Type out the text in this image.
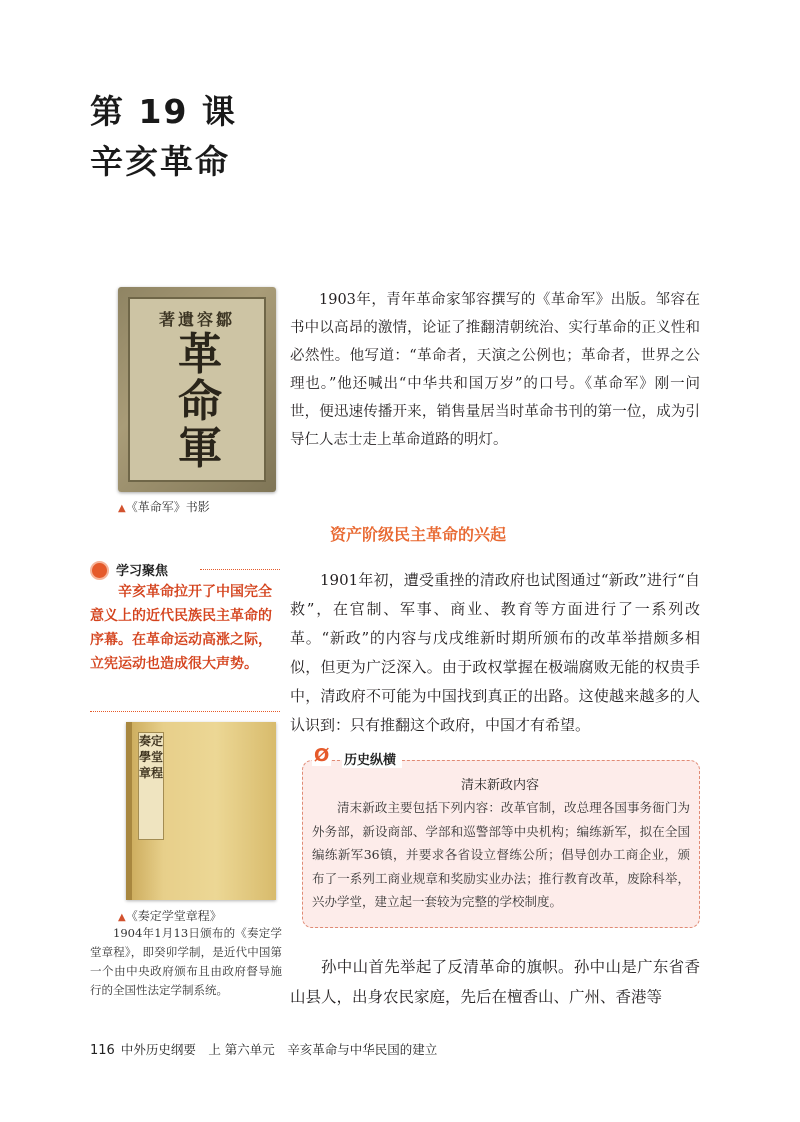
第 19 课
辛亥革命
著遺容鄒
革命軍
▲《革命军》书影
1903年，青年革命家邹容撰写的《革命军》出版。邹容在书中以高昂的激情，论证了推翻清朝统治、实行革命的正义性和必然性。他写道：“革命者，天演之公例也；革命者，世界之公理也。”他还喊出“中华共和国万岁”的口号。《革命军》刚一问世，便迅速传播开来，销售量居当时革命书刊的第一位，成为引导仁人志士走上革命道路的明灯。
资产阶级民主革命的兴起
学习聚焦
辛亥革命拉开了中国完全意义上的近代民族民主革命的序幕。在革命运动高涨之际，立宪运动也造成很大声势。
1901年初，遭受重挫的清政府也试图通过“新政”进行“自救”，在官制、军事、商业、教育等方面进行了一系列改革。“新政”的内容与戊戌维新时期所颁布的改革举措颇多相似，但更为广泛深入。由于政权掌握在极端腐败无能的权贵手中，清政府不可能为中国找到真正的出路。这使越来越多的人认识到：只有推翻这个政府，中国才有希望。
奏定學堂章程
▲《奏定学堂章程》
1904年1月13日颁布的《奏定学堂章程》，即癸卯学制，是近代中国第一个由中央政府颁布且由政府督导施行的全国性法定学制系统。
Ø 历史纵横
清末新政内容
清末新政主要包括下列内容：改革官制，改总理各国事务衙门为外务部，新设商部、学部和巡警部等中央机构；编练新军，拟在全国编练新军36镇，并要求各省设立督练公所；倡导创办工商企业，颁布了一系列工商业规章和奖励实业办法；推行教育改革，废除科举，兴办学堂，建立起一套较为完整的学校制度。
孙中山首先举起了反清革命的旗帜。孙中山是广东省香山县人，出身农民家庭，先后在檀香山、广州、香港等
116 中外历史纲要　上 第六单元　辛亥革命与中华民国的建立
